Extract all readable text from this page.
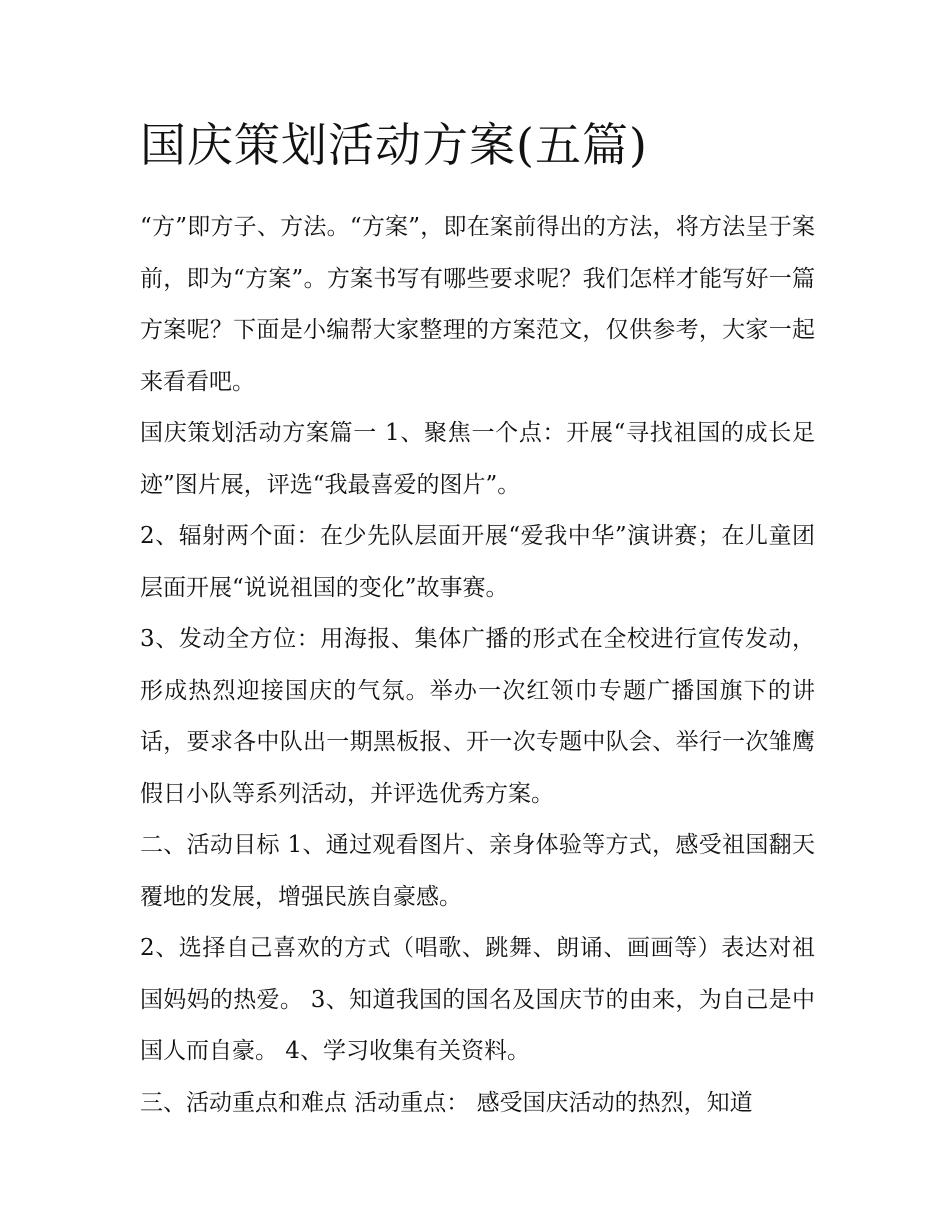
国庆策划活动方案(五篇)

“方”即方子、方法。“方案”，即在案前得出的方法，将方法呈于案前，即为“方案”。方案书写有哪些要求呢？我们怎样才能写好一篇方案呢？下面是小编帮大家整理的方案范文，仅供参考，大家一起来看看吧。

国庆策划活动方案篇一 1、聚焦一个点：开展“寻找祖国的成长足迹”图片展，评选“我最喜爱的图片”。

2、辐射两个面：在少先队层面开展“爱我中华”演讲赛；在儿童团层面开展“说说祖国的变化”故事赛。

3、发动全方位：用海报、集体广播的形式在全校进行宣传发动，形成热烈迎接国庆的气氛。举办一次红领巾专题广播国旗下的讲话，要求各中队出一期黑板报、开一次专题中队会、举行一次雏鹰假日小队等系列活动，并评选优秀方案。

二、活动目标 1、通过观看图片、亲身体验等方式，感受祖国翻天覆地的发展，增强民族自豪感。

2、选择自己喜欢的方式（唱歌、跳舞、朗诵、画画等）表达对祖国妈妈的热爱。 3、知道我国的国名及国庆节的由来，为自己是中国人而自豪。 4、学习收集有关资料。

三、活动重点和难点 活动重点： 感受国庆活动的热烈，知道
